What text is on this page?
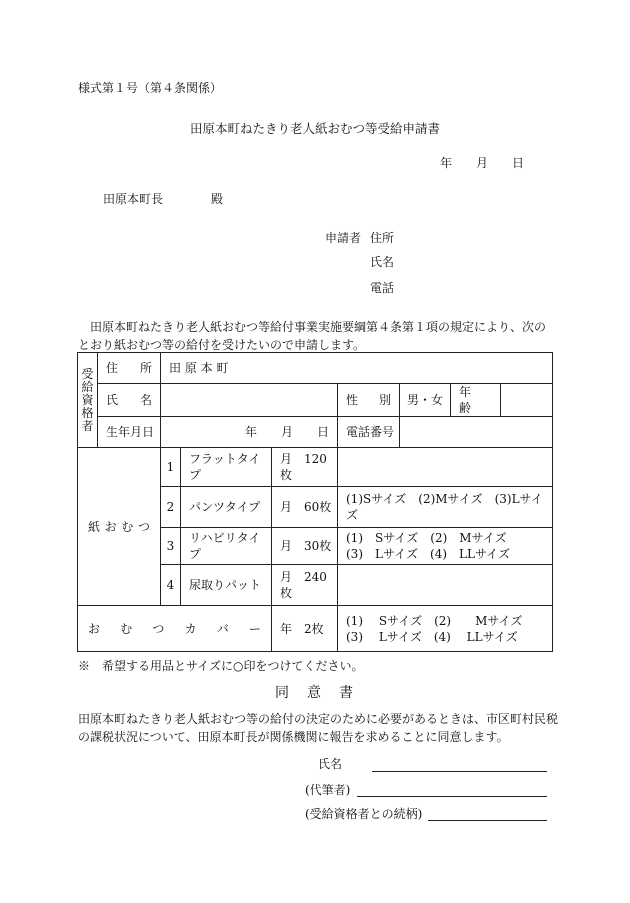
様式第１号（第４条関係）
田原本町ねたきり老人紙おむつ等受給申請書
年　　月　　日
田原本町長　　　　殿
申請者 住所
氏名
電話
田原本町ねたきり老人紙おむつ等給付事業実施要綱第４条第１項の規定により、次のとおり紙おむつ等の給付を受けたいので申請します。
受給資格者	住　所	田 原 本 町						
	氏　名				性　別	男・女	年　齢	
	生年月日	年　　月　　日			電話番号			
紙おむつ		1	フラットタイプ	月　120枚				
		2	パンツタイプ	月　60枚	(1)Sサイズ　(2)Mサイズ　(3)Lサイズ			
		3	リハビリタイプ	月　30枚	(1)　Sサイズ　(2)　Mサイズ
(3)　Lサイズ　(4)　LLサイズ			

		4	尿取りパット	月　240枚				
おむつカバー				年　2枚	(1)　 Sサイズ　(2)　　Mサイズ
(3)　 Lサイズ　(4)　 LLサイズ			
※　希望する用品とサイズに○印をつけてください。
同　意　書
田原本町ねたきり老人紙おむつ等の給付の決定のために必要があるときは、市区町村民税の課税状況について、田原本町長が関係機関に報告を求めることに同意します。
氏名
(代筆者)
(受給資格者との続柄)
